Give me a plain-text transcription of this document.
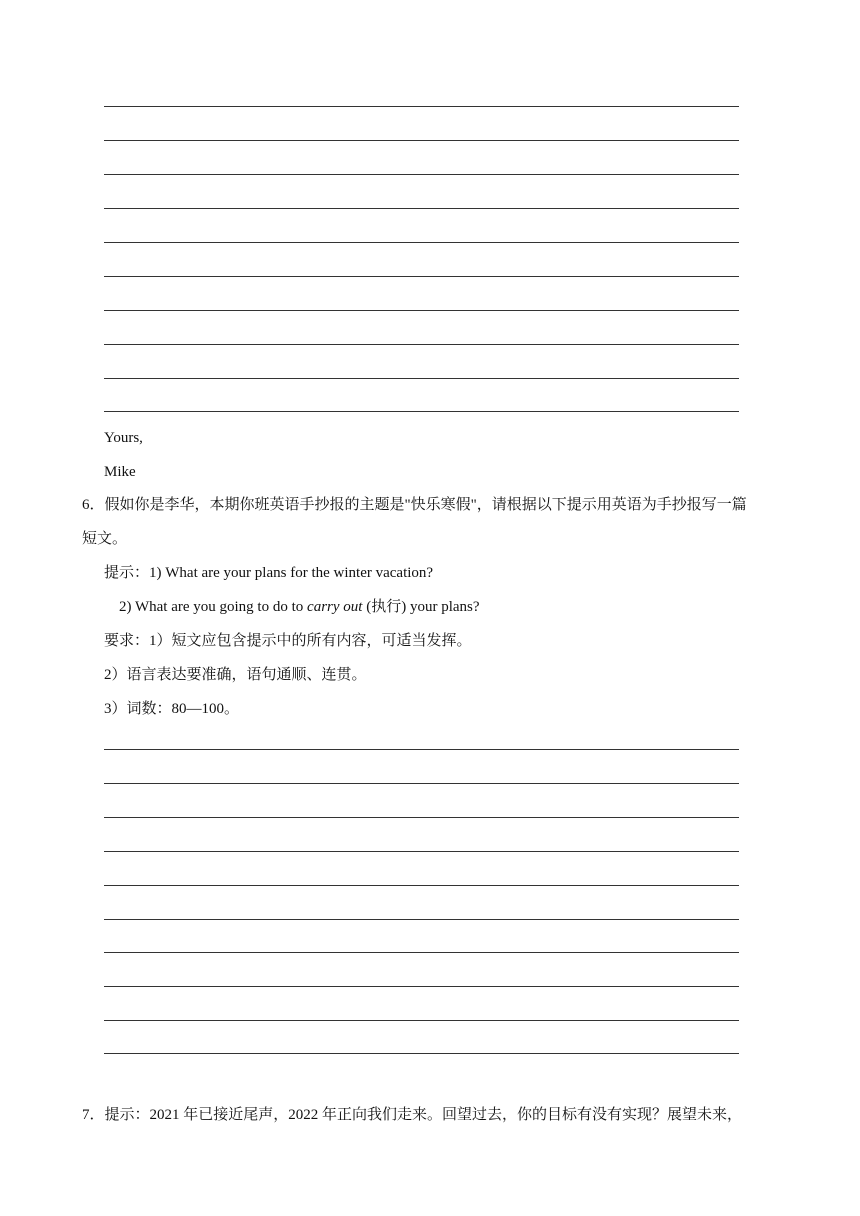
Yours,
Mike
6．假如你是李华，本期你班英语手抄报的主题是"快乐寒假"，请根据以下提示用英语为手抄报写一篇
短文。
提示：1) What are your plans for the winter vacation?
2) What are you going to do to carry out (执行) your plans?
要求：1）短文应包含提示中的所有内容，可适当发挥。
2）语言表达要准确，语句通顺、连贯。
3）词数：80—100。
7．提示：2021 年已接近尾声，2022 年正向我们走来。回望过去，你的目标有没有实现？展望未来，
